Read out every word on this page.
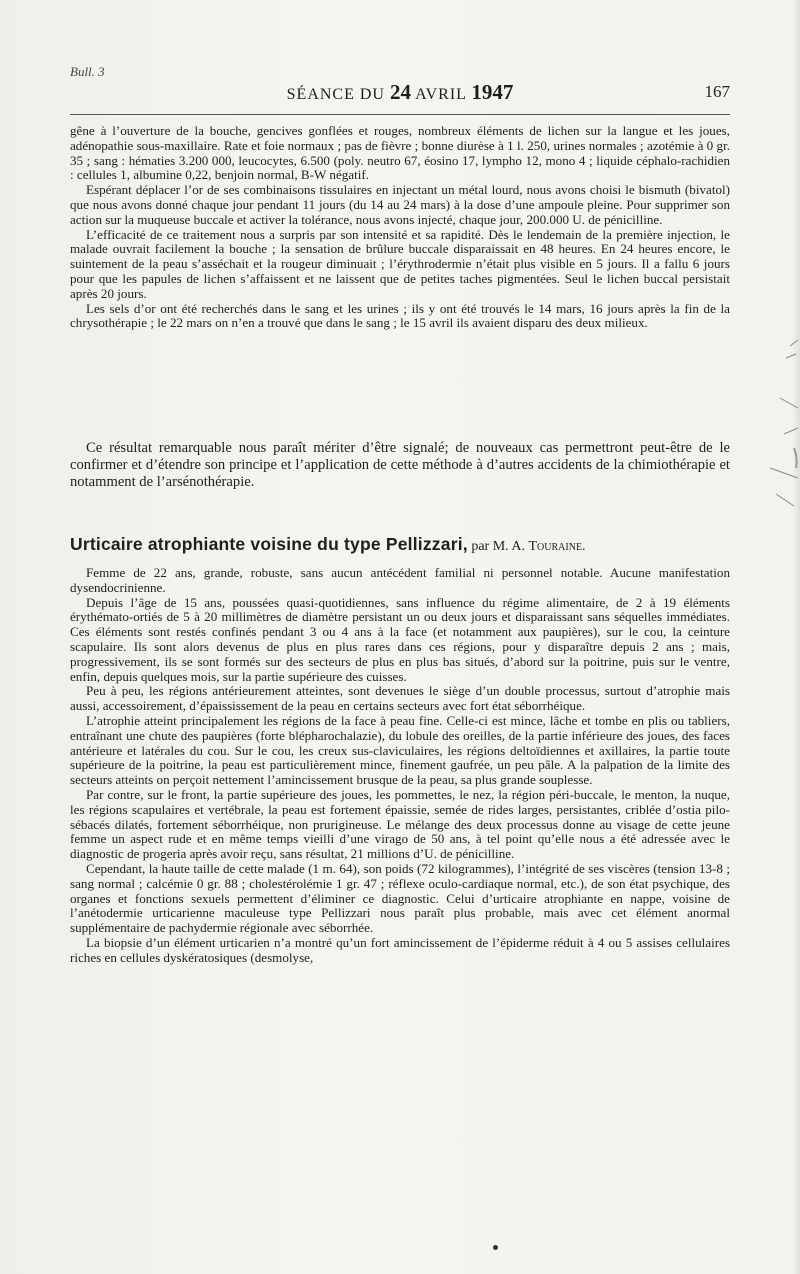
Bull. 3
SÉANCE DU 24 AVRIL 1947	167

gêne à l’ouverture de la bouche, gencives gonflées et rouges, nombreux éléments de lichen sur la langue et les joues, adénopathie sous-maxillaire. Rate et foie normaux ; pas de fièvre ; bonne diurèse à 1 l. 250, urines normales ; azotémie à 0 gr. 35 ; sang : hématies 3.200 000, leucocytes, 6.500 (poly. neutro 67, éosino 17, lympho 12, mono 4 ; liquide céphalo-rachidien : cellules 1, albumine 0,22, benjoin normal, B-W négatif.

Espérant déplacer l’or de ses combinaisons tissulaires en injectant un métal lourd, nous avons choisi le bismuth (bivatol) que nous avons donné chaque jour pendant 11 jours (du 14 au 24 mars) à la dose d’une ampoule pleine. Pour supprimer son action sur la muqueuse buccale et activer la tolérance, nous avons injecté, chaque jour, 200.000 U. de pénicilline.

L’efficacité de ce traitement nous a surpris par son intensité et sa rapidité. Dès le lendemain de la première injection, le malade ouvrait facilement la bouche ; la sensation de brûlure buccale disparaissait en 48 heures. En 24 heures encore, le suintement de la peau s’asséchait et la rougeur diminuait ; l’érythrodermie n’était plus visible en 5 jours. Il a fallu 6 jours pour que les papules de lichen s’affaissent et ne laissent que de petites taches pigmentées. Seul le lichen buccal persistait après 20 jours.

Les sels d’or ont été recherchés dans le sang et les urines ; ils y ont été trouvés le 14 mars, 16 jours après la fin de la chrysothérapie ; le 22 mars on n’en a trouvé que dans le sang ; le 15 avril ils avaient disparu des deux milieux.

Ce résultat remarquable nous paraît mériter d’être signalé; de nouveaux cas permettront peut-être de le confirmer et d’étendre son principe et l’application de cette méthode à d’autres accidents de la chimiothérapie et notamment de l’arsénothérapie.

Urticaire atrophiante voisine du type Pellizzari, par M. A. Touraine.

Femme de 22 ans, grande, robuste, sans aucun antécédent familial ni personnel notable. Aucune manifestation dysendocrinienne.

Depuis l’âge de 15 ans, poussées quasi-quotidiennes, sans influence du régime alimentaire, de 2 à 19 éléments érythémato-ortiés de 5 à 20 millimètres de diamètre persistant un ou deux jours et disparaissant sans séquelles immédiates. Ces éléments sont restés confinés pendant 3 ou 4 ans à la face (et notamment aux paupières), sur le cou, la ceinture scapulaire. Ils sont alors devenus de plus en plus rares dans ces régions, pour y disparaître depuis 2 ans ; mais, progressivement, ils se sont formés sur des secteurs de plus en plus bas situés, d’abord sur la poitrine, puis sur le ventre, enfin, depuis quelques mois, sur la partie supérieure des cuisses.

Peu à peu, les régions antérieurement atteintes, sont devenues le siège d’un double processus, surtout d’atrophie mais aussi, accessoirement, d’épaississement de la peau en certains secteurs avec fort état séborrhéique.

L’atrophie atteint principalement les régions de la face à peau fine. Celle-ci est mince, lâche et tombe en plis ou tabliers, entraînant une chute des paupières (forte blépharochalazie), du lobule des oreilles, de la partie inférieure des joues, des faces antérieure et latérales du cou. Sur le cou, les creux sus-claviculaires, les régions deltoïdiennes et axillaires, la partie toute supérieure de la poitrine, la peau est particulièrement mince, finement gaufrée, un peu pâle. A la palpation de la limite des secteurs atteints on perçoit nettement l’amincissement brusque de la peau, sa plus grande souplesse.

Par contre, sur le front, la partie supérieure des joues, les pommettes, le nez, la région péri-buccale, le menton, la nuque, les régions scapulaires et vertébrale, la peau est fortement épaissie, semée de rides larges, persistantes, criblée d’ostia pilo-sébacés dilatés, fortement séborrhéique, non prurigineuse. Le mélange des deux processus donne au visage de cette jeune femme un aspect rude et en même temps vieilli d’une virago de 50 ans, à tel point qu’elle nous a été adressée avec le diagnostic de progeria après avoir reçu, sans résultat, 21 millions d’U. de pénicilline.

Cependant, la haute taille de cette malade (1 m. 64), son poids (72 kilogrammes), l’intégrité de ses viscères (tension 13-8 ; sang normal ; calcémie 0 gr. 88 ; cholestérolémie 1 gr. 47 ; réflexe oculo-cardiaque normal, etc.), de son état psychique, des organes et fonctions sexuels permettent d’éliminer ce diagnostic. Celui d’urticaire atrophiante en nappe, voisine de l’anétodermie urticarienne maculeuse type Pellizzari nous paraît plus probable, mais avec cet élément anormal supplémentaire de pachydermie régionale avec séborrhée.

La biopsie d’un élément urticarien n’a montré qu’un fort amincissement de l’épiderme réduit à 4 ou 5 assises cellulaires riches en cellules dyskératosiques (desmolyse,
